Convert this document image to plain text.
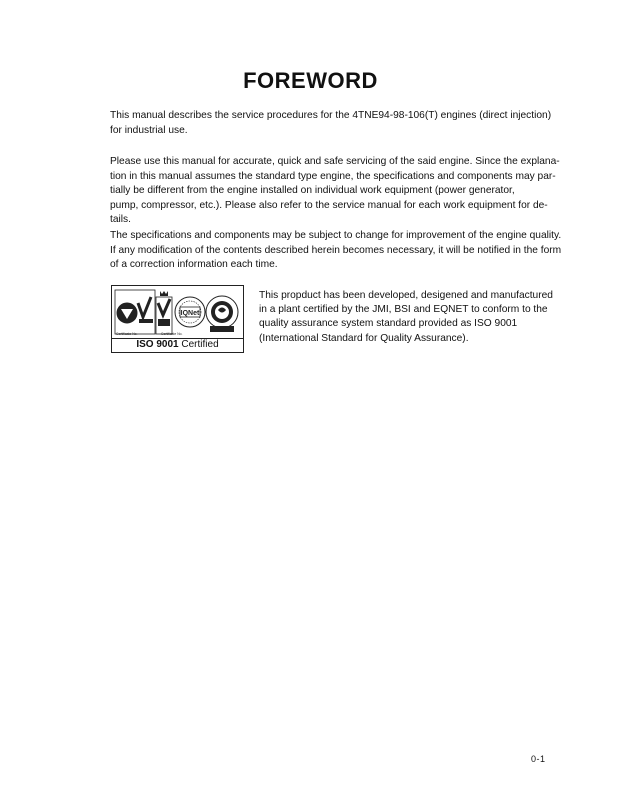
FOREWORD

This manual describes the service procedures for the 4TNE94-98-106(T) engines (direct injection)
for industrial use.

Please use this manual for accurate, quick and safe servicing of the said engine. Since the explana-
tion in this manual assumes the standard type engine, the specifications and components may par-
tially be different from the engine installed on individual work equipment (power generator,
pump, compressor, etc.). Please also refer to the service manual for each work equipment for de-
tails.

The specifications and components may be subject to change for improvement of the engine quality.
If any modification of the contents described herein becomes necessary, it will be notified in the form
of a correction information each time.

IQNet
Certificate No.	Certificate No.
ISO 9001 Certified

This propduct has been developed, desigened and manufactured
in a plant certified by the JMI, BSI and EQNET to conform to the
quality assurance system standard provided as ISO 9001
(International Standard for Quality Assurance).

0-1
